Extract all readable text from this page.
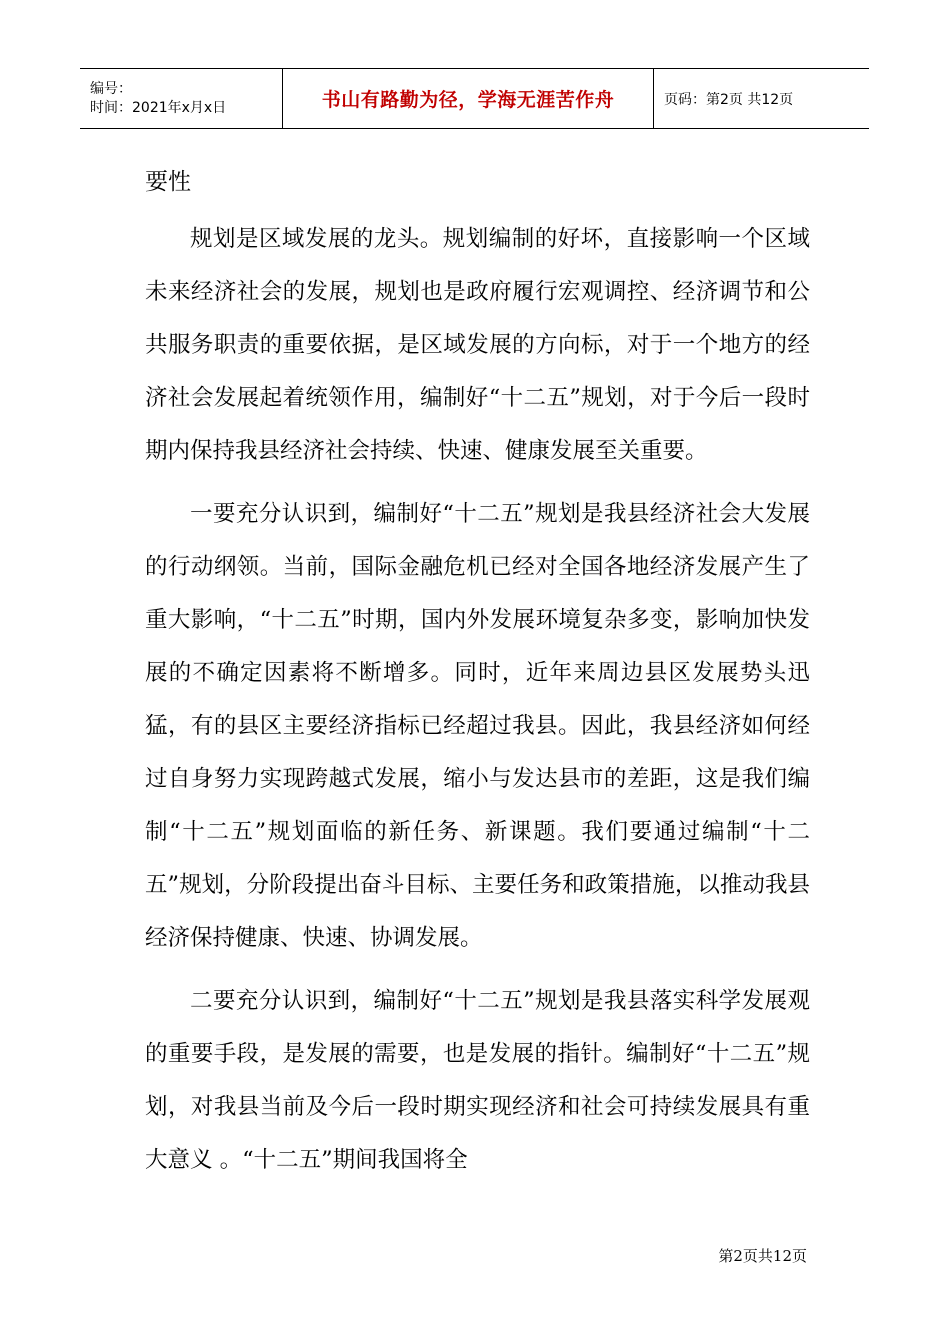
编号：
时间：2021年x月x日	书山有路勤为径，学海无涯苦作舟	页码：第2页 共12页

要性

规划是区域发展的龙头。规划编制的好坏，直接影响一个区域未来经济社会的发展，规划也是政府履行宏观调控、经济调节和公共服务职责的重要依据，是区域发展的方向标，对于一个地方的经济社会发展起着统领作用，编制好“十二五”规划，对于今后一段时期内保持我县经济社会持续、快速、健康发展至关重要。

一要充分认识到，编制好“十二五”规划是我县经济社会大发展的行动纲领。当前，国际金融危机已经对全国各地经济发展产生了重大影响，“十二五”时期，国内外发展环境复杂多变，影响加快发展的不确定因素将不断增多。同时，近年来周边县区发展势头迅猛，有的县区主要经济指标已经超过我县。因此，我县经济如何经过自身努力实现跨越式发展，缩小与发达县市的差距，这是我们编制“十二五”规划面临的新任务、新课题。我们要通过编制“十二五”规划，分阶段提出奋斗目标、主要任务和政策措施，以推动我县经济保持健康、快速、协调发展。

二要充分认识到，编制好“十二五”规划是我县落实科学发展观的重要手段，是发展的需要，也是发展的指针。编制好“十二五”规划，对我县当前及今后一段时期实现经济和社会可持续发展具有重大意义 。“十二五”期间我国将全

第2页共12页
